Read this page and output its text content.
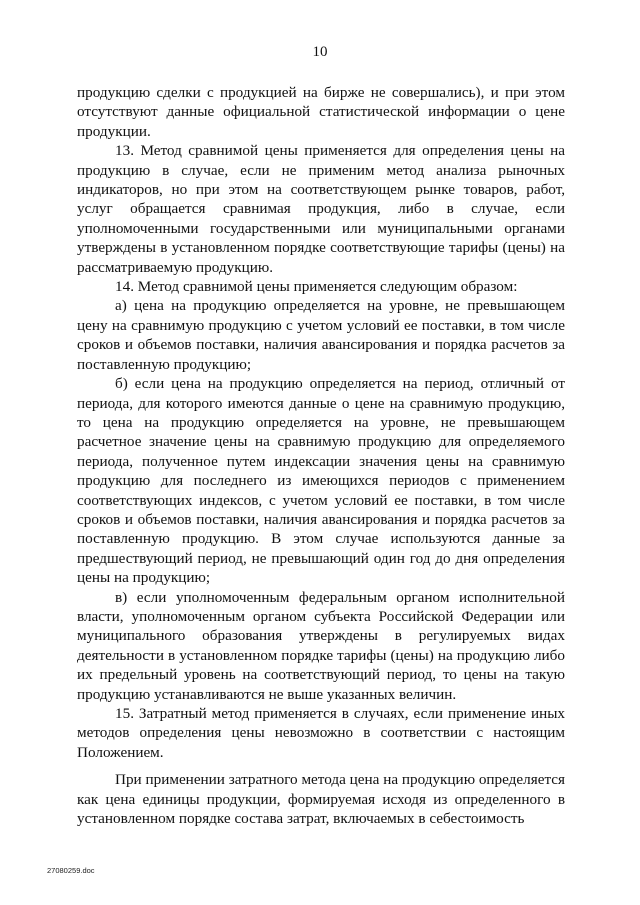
10

продукцию сделки с продукцией на бирже не совершались), и при этом отсутствуют данные официальной статистической информации о цене продукции.

13. Метод сравнимой цены применяется для определения цены на продукцию в случае, если не применим метод анализа рыночных индикаторов, но при этом на соответствующем рынке товаров, работ, услуг обращается сравнимая продукция, либо в случае, если уполномоченными государственными или муниципальными органами утверждены в установленном порядке соответствующие тарифы (цены) на рассматриваемую продукцию.

14. Метод сравнимой цены применяется следующим образом:

а) цена на продукцию определяется на уровне, не превышающем цену на сравнимую продукцию с учетом условий ее поставки, в том числе сроков и объемов поставки, наличия авансирования и порядка расчетов за поставленную продукцию;

б) если цена на продукцию определяется на период, отличный от периода, для которого имеются данные о цене на сравнимую продукцию, то цена на продукцию определяется на уровне, не превышающем расчетное значение цены на сравнимую продукцию для определяемого периода, полученное путем индексации значения цены на сравнимую продукцию для последнего из имеющихся периодов с применением соответствующих индексов, с учетом условий ее поставки, в том числе сроков и объемов поставки, наличия авансирования и порядка расчетов за поставленную продукцию. В этом случае используются данные за предшествующий период, не превышающий один год до дня определения цены на продукцию;

в) если уполномоченным федеральным органом исполнительной власти, уполномоченным органом субъекта Российской Федерации или муниципального образования утверждены в регулируемых видах деятельности в установленном порядке тарифы (цены) на продукцию либо их предельный уровень на соответствующий период, то цены на такую продукцию устанавливаются не выше указанных величин.

15. Затратный метод применяется в случаях, если применение иных методов определения цены невозможно в соответствии с настоящим Положением.

При применении затратного метода цена на продукцию определяется как цена единицы продукции, формируемая исходя из определенного в установленном порядке состава затрат, включаемых в себестоимость

27080259.doc
